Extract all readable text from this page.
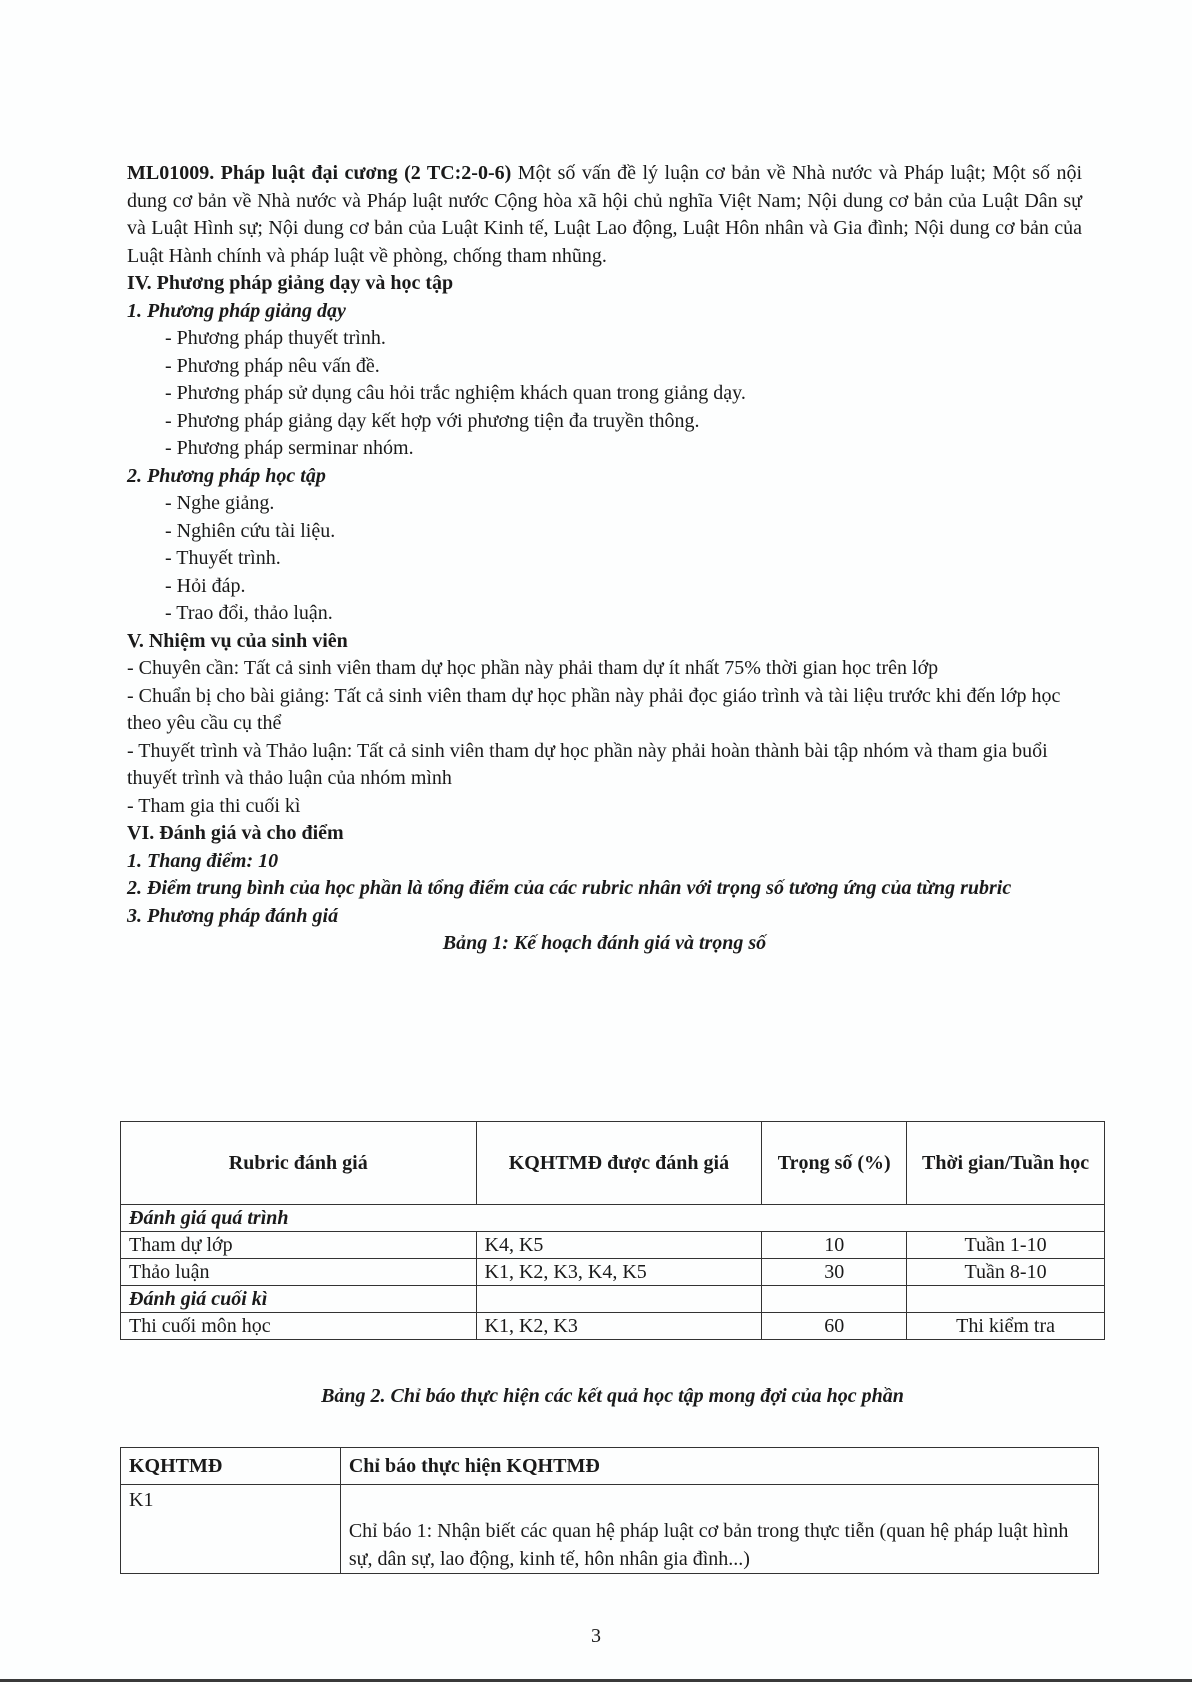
ML01009. Pháp luật đại cương (2 TC:2-0-6) Một số vấn đề lý luận cơ bản về Nhà nước và Pháp luật; Một số nội dung cơ bản về Nhà nước và Pháp luật nước Cộng hòa xã hội chủ nghĩa Việt Nam; Nội dung cơ bản của Luật Dân sự và Luật Hình sự; Nội dung cơ bản của Luật Kinh tế, Luật Lao động, Luật Hôn nhân và Gia đình; Nội dung cơ bản của Luật Hành chính và pháp luật về phòng, chống tham nhũng.

IV. Phương pháp giảng dạy và học tập

1. Phương pháp giảng dạy

- Phương pháp thuyết trình.

- Phương pháp nêu vấn đề.

- Phương pháp sử dụng câu hỏi trắc nghiệm khách quan trong giảng dạy.

- Phương pháp giảng dạy kết hợp với phương tiện đa truyền thông.

- Phương pháp serminar nhóm.

2. Phương pháp học tập

- Nghe giảng.

- Nghiên cứu tài liệu.

- Thuyết trình.

- Hỏi đáp.

- Trao đổi, thảo luận.

V. Nhiệm vụ của sinh viên

- Chuyên cần: Tất cả sinh viên tham dự học phần này phải tham dự ít nhất 75% thời gian học trên lớp

- Chuẩn bị cho bài giảng: Tất cả sinh viên tham dự học phần này phải đọc giáo trình và tài liệu trước khi đến lớp học theo yêu cầu cụ thể

- Thuyết trình và Thảo luận: Tất cả sinh viên tham dự học phần này phải hoàn thành bài tập nhóm và tham gia buổi thuyết trình và thảo luận của nhóm mình

- Tham gia thi cuối kì

VI. Đánh giá và cho điểm

1. Thang điểm: 10

2. Điểm trung bình của học phần là tổng điểm của các rubric nhân với trọng số tương ứng của từng rubric

3. Phương pháp đánh giá

Bảng 1: Kế hoạch đánh giá và trọng số

Rubric đánh giá	KQHTMĐ được đánh giá	Trọng số (%)	Thời gian/Tuần học
Đánh giá quá trình			
Tham dự lớp	K4, K5	10	Tuần 1-10
Thảo luận	K1, K2, K3, K4, K5	30	Tuần 8-10
Đánh giá cuối kì			
Thi cuối môn học	K1, K2, K3	60	Thi kiểm tra
Bảng 2. Chỉ báo thực hiện các kết quả học tập mong đợi của học phần
KQHTMĐ	Chỉ báo thực hiện KQHTMĐ
K1	Chỉ báo 1: Nhận biết các quan hệ pháp luật cơ bản trong thực tiễn (quan hệ pháp luật hình sự, dân sự, lao động, kinh tế, hôn nhân gia đình...)
3
